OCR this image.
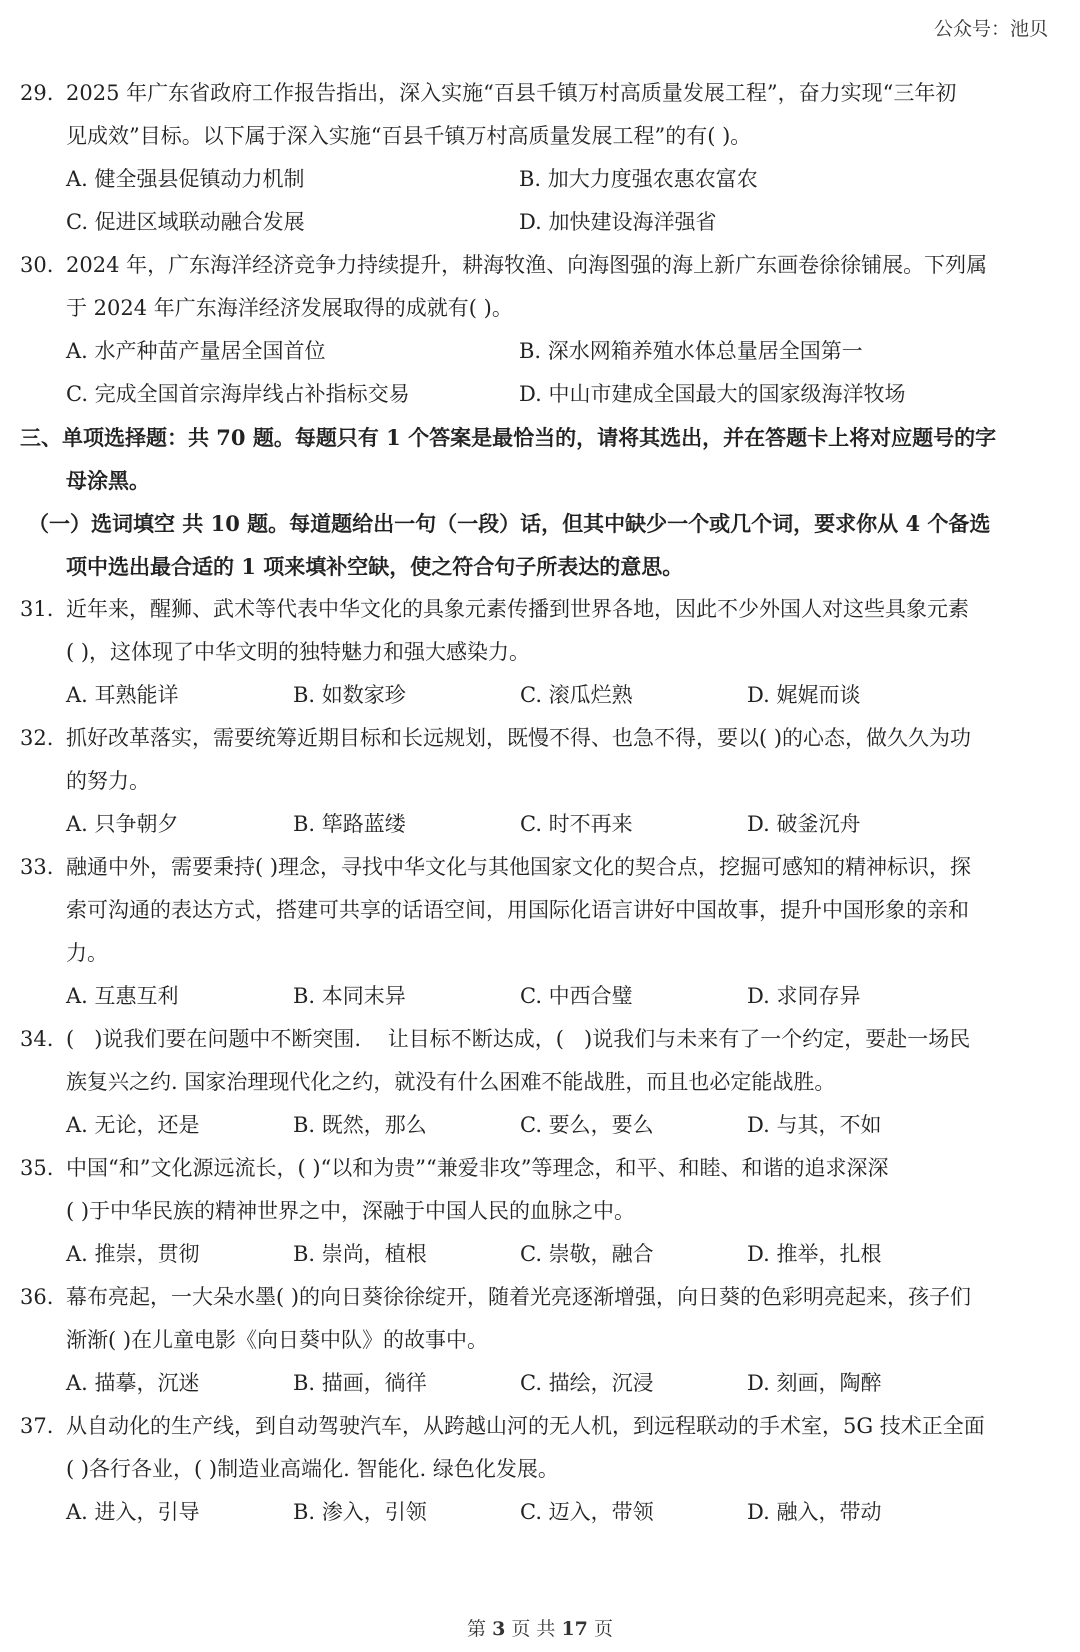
公众号：池贝

29. 2025 年广东省政府工作报告指出，深入实施“百县千镇万村高质量发展工程”，奋力实现“三年初

见成效”目标。以下属于深入实施“百县千镇万村高质量发展工程”的有( )。

A. 健全强县促镇动力机制	B. 加大力度强农惠农富农
C. 促进区域联动融合发展	D. 加快建设海洋强省

30. 2024 年，广东海洋经济竞争力持续提升，耕海牧渔、向海图强的海上新广东画卷徐徐铺展。下列属

于 2024 年广东海洋经济发展取得的成就有( )。

A. 水产种苗产量居全国首位	B. 深水网箱养殖水体总量居全国第一
C. 完成全国首宗海岸线占补指标交易	D. 中山市建成全国最大的国家级海洋牧场
三、单项选择题：共 70 题。每题只有 1 个答案是最恰当的，请将其选出，并在答题卡上将对应题号的字
母涂黑。
（一）选词填空 共 10 题。每道题给出一句（一段）话，但其中缺少一个或几个词，要求你从 4 个备选
项中选出最合适的 1 项来填补空缺，使之符合句子所表达的意思。

31. 近年来，醒狮、武术等代表中华文化的具象元素传播到世界各地，因此不少外国人对这些具象元素

( )，这体现了中华文明的独特魅力和强大感染力。

A. 耳熟能详	B. 如数家珍	C. 滚瓜烂熟	D. 娓娓而谈

32. 抓好改革落实，需要统筹近期目标和长远规划，既慢不得、也急不得，要以( )的心态，做久久为功

的努力。

A. 只争朝夕	B. 筚路蓝缕	C. 时不再来	D. 破釜沉舟

33. 融通中外，需要秉持( )理念，寻找中华文化与其他国家文化的契合点，挖掘可感知的精神标识，探

索可沟通的表达方式，搭建可共享的话语空间，用国际化语言讲好中国故事，提升中国形象的亲和

力。

A. 互惠互利	B. 本同末异	C. 中西合璧	D. 求同存异

34. (   )说我们要在问题中不断突围.    让目标不断达成，(   )说我们与未来有了一个约定，要赴一场民

族复兴之约. 国家治理现代化之约，就没有什么困难不能战胜，而且也必定能战胜。

A. 无论，还是	B. 既然，那么	C. 要么，要么	D. 与其，不如

35. 中国“和”文化源远流长，( )“以和为贵”“兼爱非攻”等理念，和平、和睦、和谐的追求深深

( )于中华民族的精神世界之中，深融于中国人民的血脉之中。

A. 推崇，贯彻	B. 崇尚，植根	C. 崇敬，融合	D. 推举，扎根

36. 幕布亮起，一大朵水墨( )的向日葵徐徐绽开，随着光亮逐渐增强，向日葵的色彩明亮起来，孩子们

渐渐( )在儿童电影《向日葵中队》的故事中。

A. 描摹，沉迷	B. 描画，徜徉	C. 描绘，沉浸	D. 刻画，陶醉

37. 从自动化的生产线，到自动驾驶汽车，从跨越山河的无人机，到远程联动的手术室，5G 技术正全面

( )各行各业，( )制造业高端化. 智能化. 绿色化发展。

A. 进入，引导	B. 渗入，引领	C. 迈入，带领	D. 融入，带动
第 3 页 共 17 页
